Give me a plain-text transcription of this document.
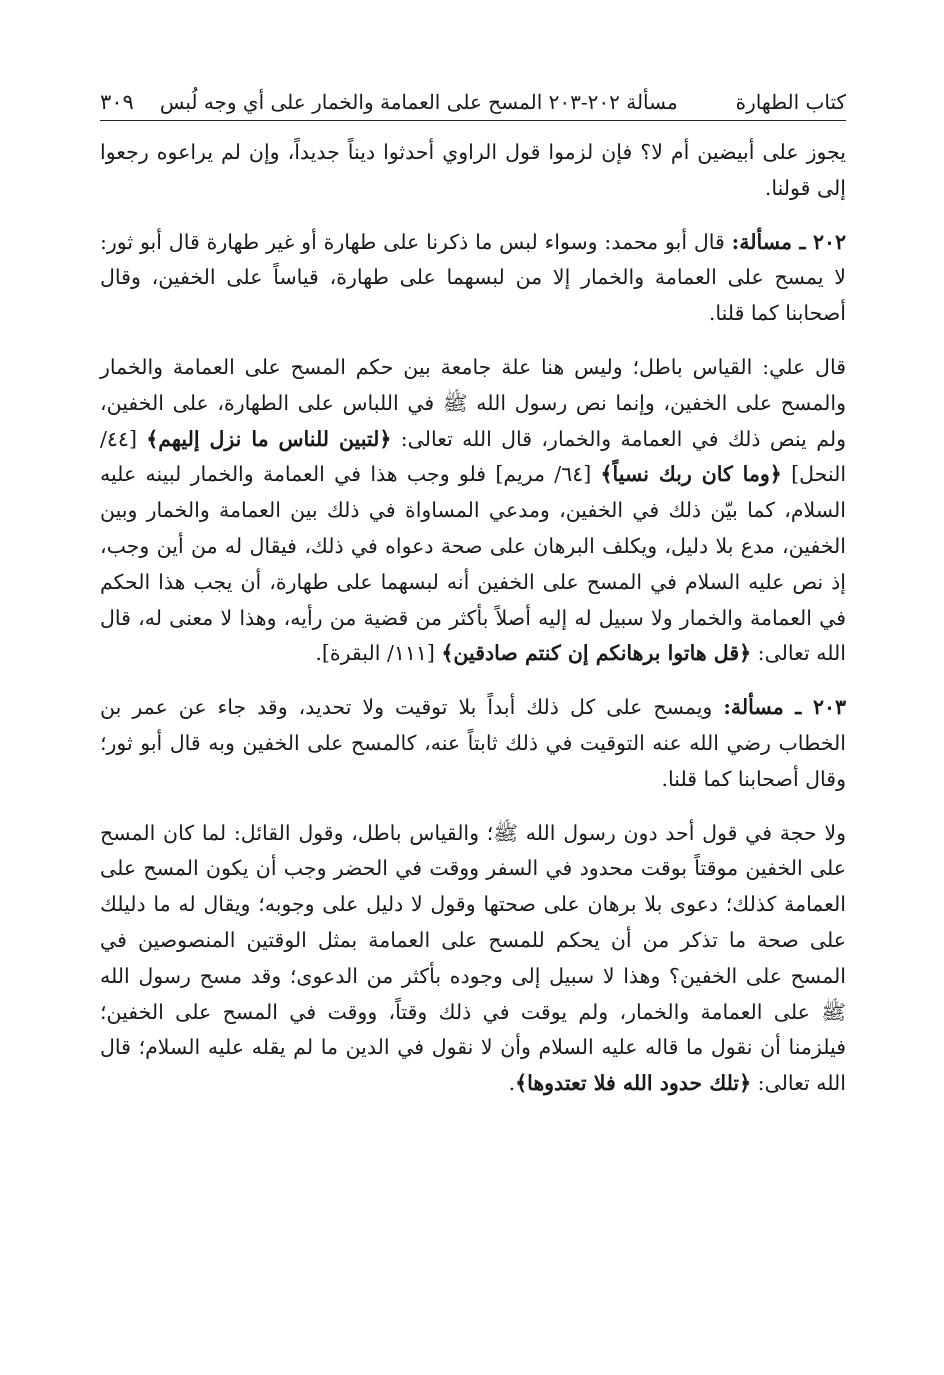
كتاب الطهارة
مسألة ٢٠٢-٢٠٣ المسح على العمامة والخمار على أي وجه لُبس
٣٠٩

يجوز على أبيضين أم لا؟ فإن لزموا قول الراوي أحدثوا ديناً جديداً، وإن لم يراعوه رجعوا إلى قولنا.

٢٠٢ ـ مسألة: قال أبو محمد: وسواء لبس ما ذكرنا على طهارة أو غير طهارة قال أبو ثور: لا يمسح على العمامة والخمار إلا من لبسهما على طهارة، قياساً على الخفين، وقال أصحابنا كما قلنا.

قال علي: القياس باطل؛ وليس هنا علة جامعة بين حكم المسح على العمامة والخمار والمسح على الخفين، وإنما نص رسول الله ﷺ في اللباس على الطهارة، على الخفين، ولم ينص ذلك في العمامة والخمار، قال الله تعالى: ﴿لتبين للناس ما نزل إليهم﴾ [٤٤/ النحل] ﴿وما كان ربك نسياً﴾ [٦٤/ مريم] فلو وجب هذا في العمامة والخمار لبينه عليه السلام، كما بيّن ذلك في الخفين، ومدعي المساواة في ذلك بين العمامة والخمار وبين الخفين، مدع بلا دليل، ويكلف البرهان على صحة دعواه في ذلك، فيقال له من أين وجب، إذ نص عليه السلام في المسح على الخفين أنه لبسهما على طهارة، أن يجب هذا الحكم في العمامة والخمار ولا سبيل له إليه أصلاً بأكثر من قضية من رأيه، وهذا لا معنى له، قال الله تعالى: ﴿قل هاتوا برهانكم إن كنتم صادقين﴾ [١١١/ البقرة].

٢٠٣ ـ مسألة: ويمسح على كل ذلك أبداً بلا توقيت ولا تحديد، وقد جاء عن عمر بن الخطاب رضي الله عنه التوقيت في ذلك ثابتاً عنه، كالمسح على الخفين وبه قال أبو ثور؛ وقال أصحابنا كما قلنا.

ولا حجة في قول أحد دون رسول الله ﷺ؛ والقياس باطل، وقول القائل: لما كان المسح على الخفين موقتاً بوقت محدود في السفر ووقت في الحضر وجب أن يكون المسح على العمامة كذلك؛ دعوى بلا برهان على صحتها وقول لا دليل على وجوبه؛ ويقال له ما دليلك على صحة ما تذكر من أن يحكم للمسح على العمامة بمثل الوقتين المنصوصين في المسح على الخفين؟ وهذا لا سبيل إلى وجوده بأكثر من الدعوى؛ وقد مسح رسول الله ﷺ على العمامة والخمار، ولم يوقت في ذلك وقتاً، ووقت في المسح على الخفين؛ فيلزمنا أن نقول ما قاله عليه السلام وأن لا نقول في الدين ما لم يقله عليه السلام؛ قال الله تعالى: ﴿تلك حدود الله فلا تعتدوها﴾.
